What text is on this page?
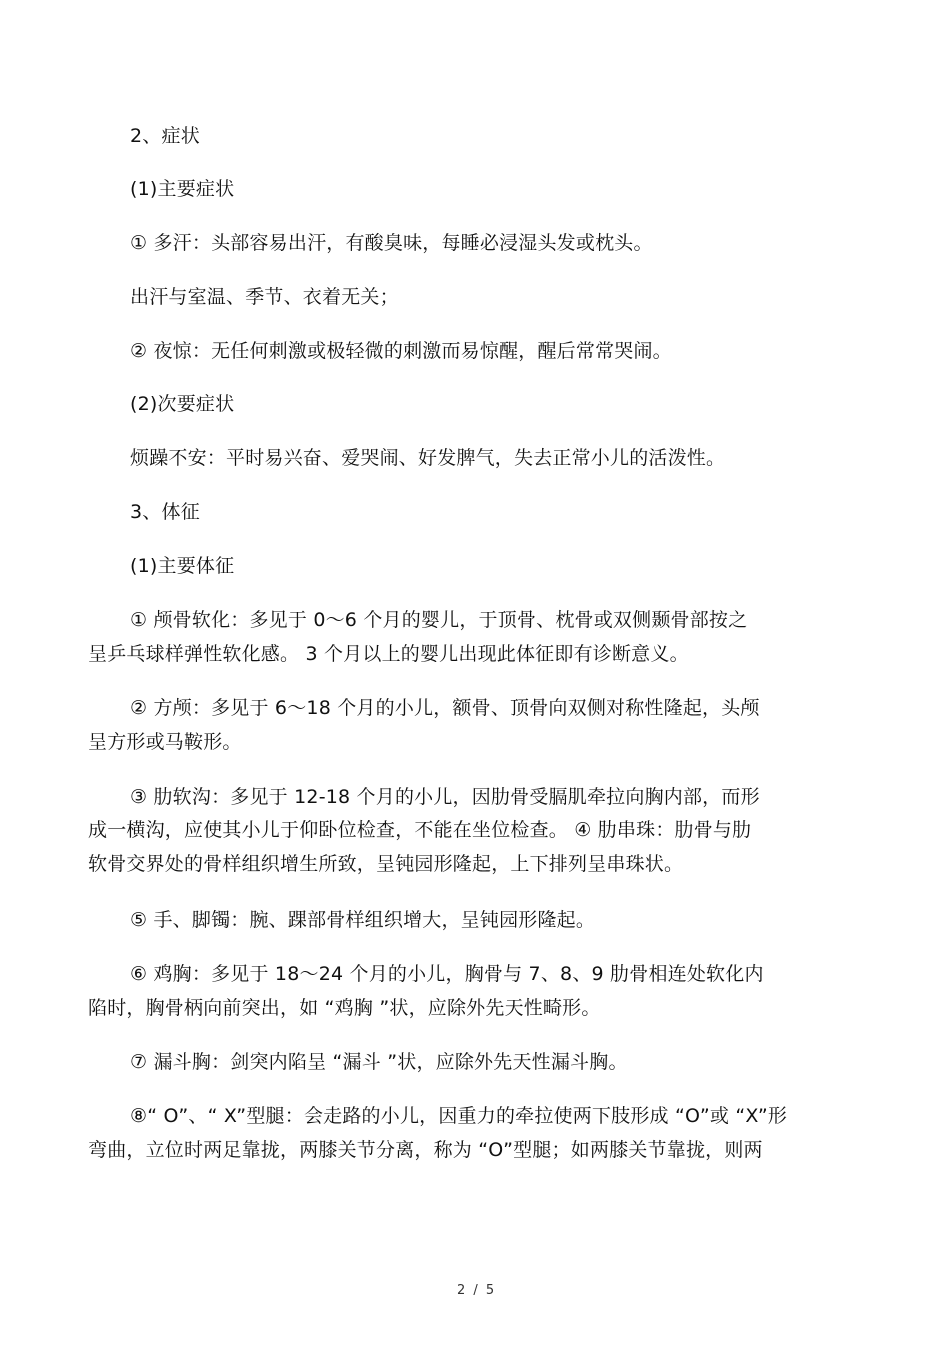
2、症状
(1)主要症状
① 多汗：头部容易出汗，有酸臭味，每睡必浸湿头发或枕头。
出汗与室温、季节、衣着无关；
② 夜惊：无任何刺激或极轻微的刺激而易惊醒，醒后常常哭闹。
(2)次要症状
烦躁不安：平时易兴奋、爱哭闹、好发脾气，失去正常小儿的活泼性。
3、体征
(1)主要体征
① 颅骨软化：多见于 0～6 个月的婴儿，于顶骨、枕骨或双侧颞骨部按之
呈乒乓球样弹性软化感。 3 个月以上的婴儿出现此体征即有诊断意义。
② 方颅：多见于 6～18 个月的小儿，额骨、顶骨向双侧对称性隆起，头颅
呈方形或马鞍形。
③ 肋软沟：多见于 12-18 个月的小儿，因肋骨受膈肌牵拉向胸内部，而形
成一横沟，应使其小儿于仰卧位检查，不能在坐位检查。 ④ 肋串珠：肋骨与肋
软骨交界处的骨样组织增生所致，呈钝园形隆起，上下排列呈串珠状。
⑤ 手、脚镯：腕、踝部骨样组织增大，呈钝园形隆起。
⑥ 鸡胸：多见于 18～24 个月的小儿，胸骨与 7、8、9 肋骨相连处软化内
陷时，胸骨柄向前突出，如 “鸡胸 ”状，应除外先天性畸形。
⑦ 漏斗胸：剑突内陷呈 “漏斗 ”状，应除外先天性漏斗胸。
⑧“ O”、“ X”型腿：会走路的小儿，因重力的牵拉使两下肢形成 “O”或 “X”形
弯曲，立位时两足靠拢，两膝关节分离，称为 “O”型腿；如两膝关节靠拢，则两
2 / 5
